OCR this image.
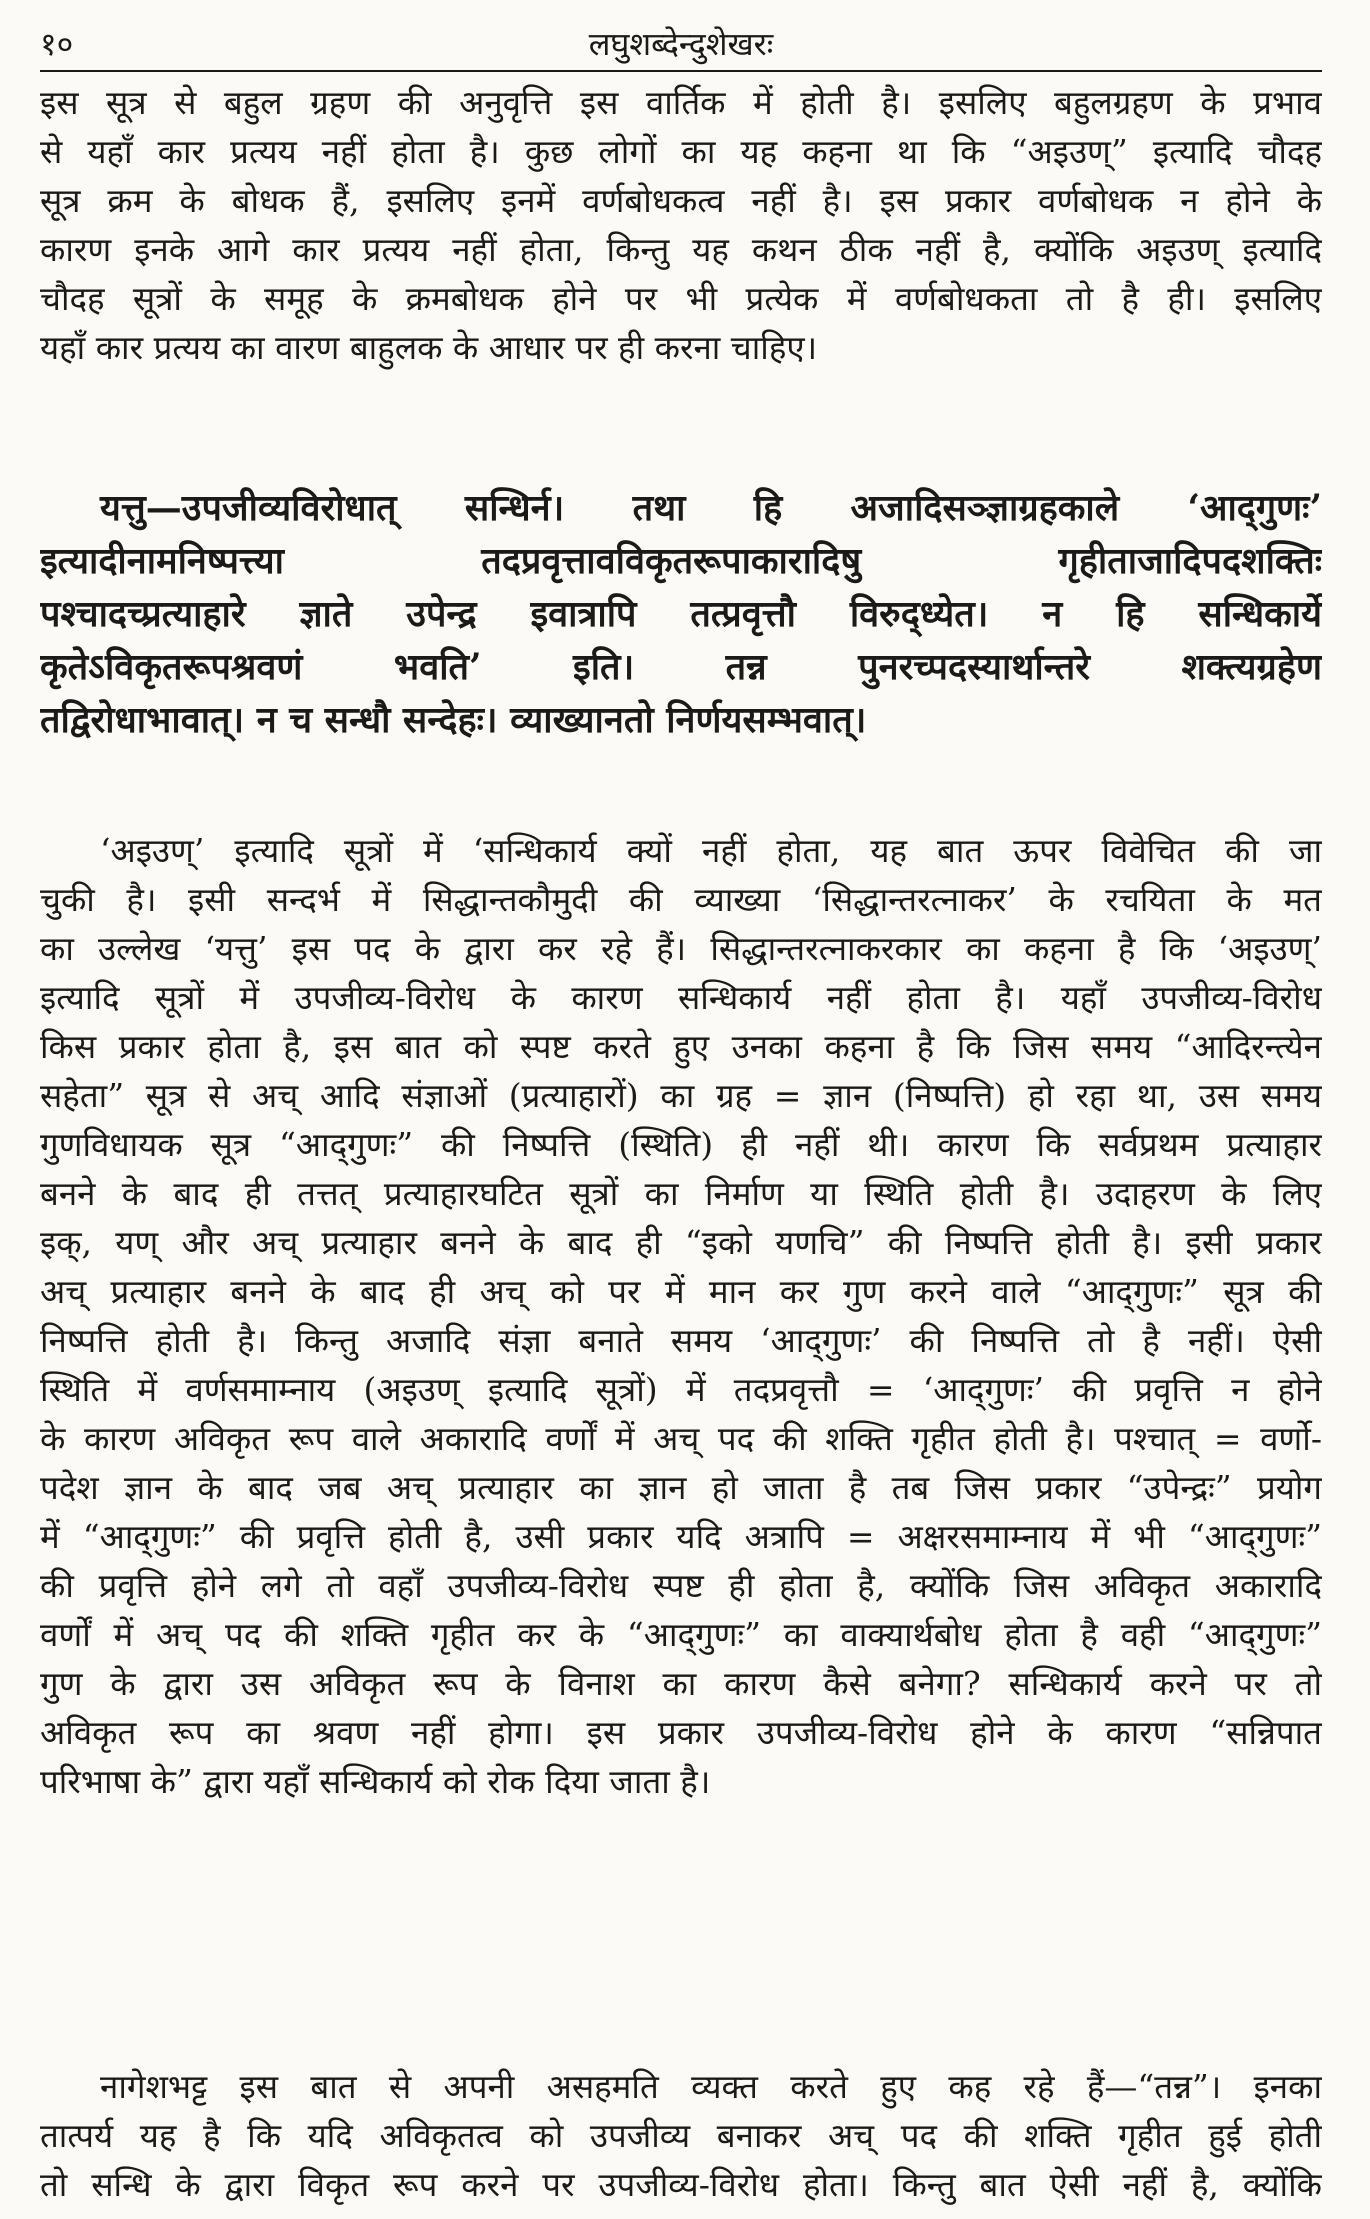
१०	लघुशब्देन्दुशेखरः
इस सूत्र से बहुल ग्रहण की अनुवृत्ति इस वार्तिक में होती है। इसलिए बहुलग्रहण के प्रभाव
से यहाँ कार प्रत्यय नहीं होता है। कुछ लोगों का यह कहना था कि “अइउण्” इत्यादि चौदह
सूत्र क्रम के बोधक हैं, इसलिए इनमें वर्णबोधकत्व नहीं है। इस प्रकार वर्णबोधक न होने के
कारण इनके आगे कार प्रत्यय नहीं होता, किन्तु यह कथन ठीक नहीं है, क्योंकि अइउण् इत्यादि
चौदह सूत्रों के समूह के क्रमबोधक होने पर भी प्रत्येक में वर्णबोधकता तो है ही। इसलिए
यहाँ कार प्रत्यय का वारण बाहुलक के आधार पर ही करना चाहिए।
यत्तु—उपजीव्यविरोधात् सन्धिर्न। तथा हि अजादिसञ्ज्ञाग्रहकाले ‘आद्‌गुणः’
इत्यादीनामनिष्पत्त्या तदप्रवृत्तावविकृतरूपाकारादिषु गृहीताजादिपदशक्तिः
पश्चादच्प्रत्याहारे ज्ञाते उपेन्द्र इवात्रापि तत्प्रवृत्तौ विरुद्‌ध्येत। न हि सन्धिकार्ये
कृतेऽविकृतरूपश्रवणं भवति’ इति। तन्न पुनरच्पदस्यार्थान्तरे शक्त्यग्रहेण
तद्विरोधाभावात्। न च सन्धौ सन्देहः। व्याख्यानतो निर्णयसम्भवात्।
‘अइउण्’ इत्यादि सूत्रों में ‘सन्धिकार्य क्यों नहीं होता, यह बात ऊपर विवेचित की जा
चुकी है। इसी सन्दर्भ में सिद्धान्तकौमुदी की व्याख्या ‘सिद्धान्तरत्नाकर’ के रचयिता के मत
का उल्लेख ‘यत्तु’ इस पद के द्वारा कर रहे हैं। सिद्धान्तरत्नाकरकार का कहना है कि ‘अइउण्’
इत्यादि सूत्रों में उपजीव्य-विरोध के कारण सन्धिकार्य नहीं होता है। यहाँ उपजीव्य-विरोध
किस प्रकार होता है, इस बात को स्पष्ट करते हुए उनका कहना है कि जिस समय “आदिरन्त्येन
सहेता” सूत्र से अच् आदि संज्ञाओं (प्रत्याहारों) का ग्रह = ज्ञान (निष्पत्ति) हो रहा था, उस समय
गुणविधायक सूत्र “आद्‌गुणः” की निष्पत्ति (स्थिति) ही नहीं थी। कारण कि सर्वप्रथम प्रत्याहार
बनने के बाद ही तत्तत् प्रत्याहारघटित सूत्रों का निर्माण या स्थिति होती है। उदाहरण के लिए
इक्, यण् और अच् प्रत्याहार बनने के बाद ही “इको यणचि” की निष्पत्ति होती है। इसी प्रकार
अच् प्रत्याहार बनने के बाद ही अच् को पर में मान कर गुण करने वाले “आद्‌गुणः” सूत्र की
निष्पत्ति होती है। किन्तु अजादि संज्ञा बनाते समय ‘आद्‌गुणः’ की निष्पत्ति तो है नहीं। ऐसी
स्थिति में वर्णसमाम्नाय (अइउण् इत्यादि सूत्रों) में तदप्रवृत्तौ = ‘आद्‌गुणः’ की प्रवृत्ति न होने
के कारण अविकृत रूप वाले अकारादि वर्णों में अच् पद की शक्ति गृहीत होती है। पश्चात् = वर्णो-
पदेश ज्ञान के बाद जब अच् प्रत्याहार का ज्ञान हो जाता है तब जिस प्रकार “उपेन्द्रः” प्रयोग
में “आद्‌गुणः” की प्रवृत्ति होती है, उसी प्रकार यदि अत्रापि = अक्षरसमाम्नाय में भी “आद्‌गुणः”
की प्रवृत्ति होने लगे तो वहाँ उपजीव्य-विरोध स्पष्ट ही होता है, क्योंकि जिस अविकृत अकारादि
वर्णों में अच् पद की शक्ति गृहीत कर के “आद्‌गुणः” का वाक्यार्थबोध होता है वही “आद्‌गुणः”
गुण के द्वारा उस अविकृत रूप के विनाश का कारण कैसे बनेगा? सन्धिकार्य करने पर तो
अविकृत रूप का श्रवण नहीं होगा। इस प्रकार उपजीव्य-विरोध होने के कारण “सन्निपात
परिभाषा के” द्वारा यहाँ सन्धिकार्य को रोक दिया जाता है।
नागेशभट्ट इस बात से अपनी असहमति व्यक्त करते हुए कह रहे हैं—“तन्न”। इनका
तात्पर्य यह है कि यदि अविकृतत्व को उपजीव्य बनाकर अच् पद की शक्ति गृहीत हुई होती
तो सन्धि के द्वारा विकृत रूप करने पर उपजीव्य-विरोध होता। किन्तु बात ऐसी नहीं है, क्योंकि
